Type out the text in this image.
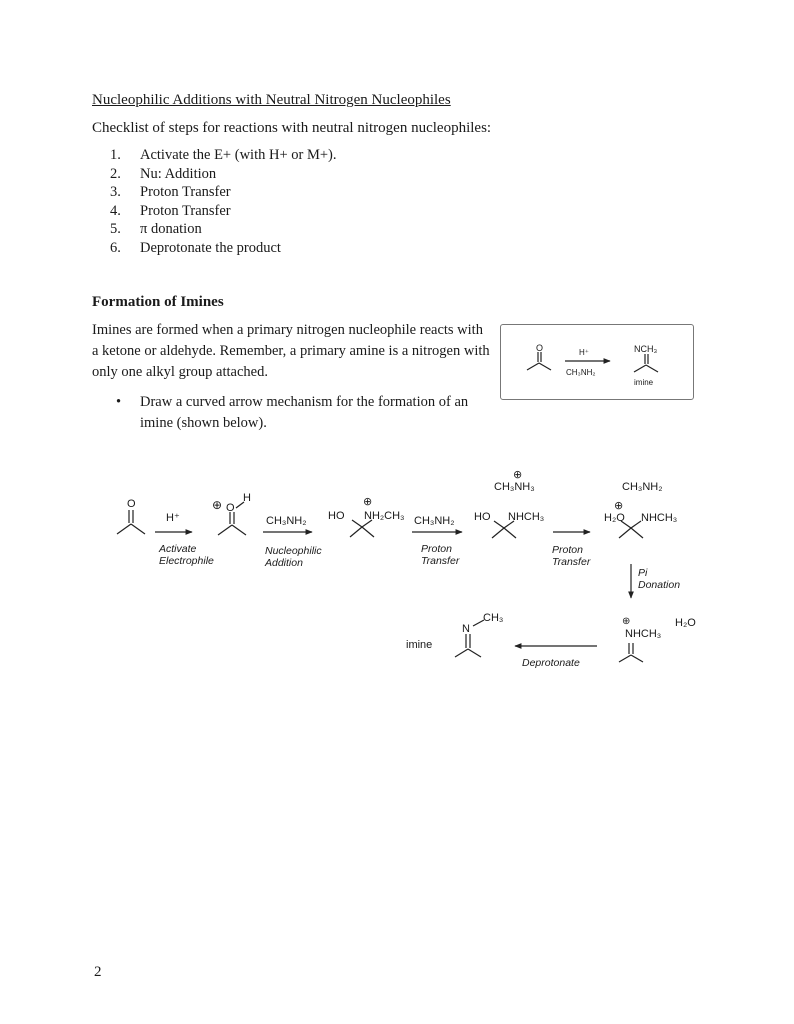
Nucleophilic Additions with Neutral Nitrogen Nucleophiles
Checklist of steps for reactions with neutral nitrogen nucleophiles:
1. Activate the E+ (with H+ or M+).
2. Nu: Addition
3. Proton Transfer
4. Proton Transfer
5. π donation
6. Deprotonate the product
Formation of Imines
Imines are formed when a primary nitrogen nucleophile reacts with a ketone or aldehyde. Remember, a primary amine is a nitrogen with only one alkyl group attached.
• Draw a curved arrow mechanism for the formation of an imine (shown below).
O	H⁺
CH₃NH₂
NCH₃
imine
O
H⁺
⊕ O
H
CH₃NH₂ HO
⊕
NH₂CH₃ CH₃NH₂
⊕
CH₃NH₃
HO NHCH₃
CH₃NH₂
⊕
H₂O NHCH₃
⊕
NHCH₃
H₂O
N
CH₃
imine
Activate
Electrophile
Nucleophilic
Addition
Proton
Transfer
Proton
Transfer
Pi
Donation
Deprotonate
2
